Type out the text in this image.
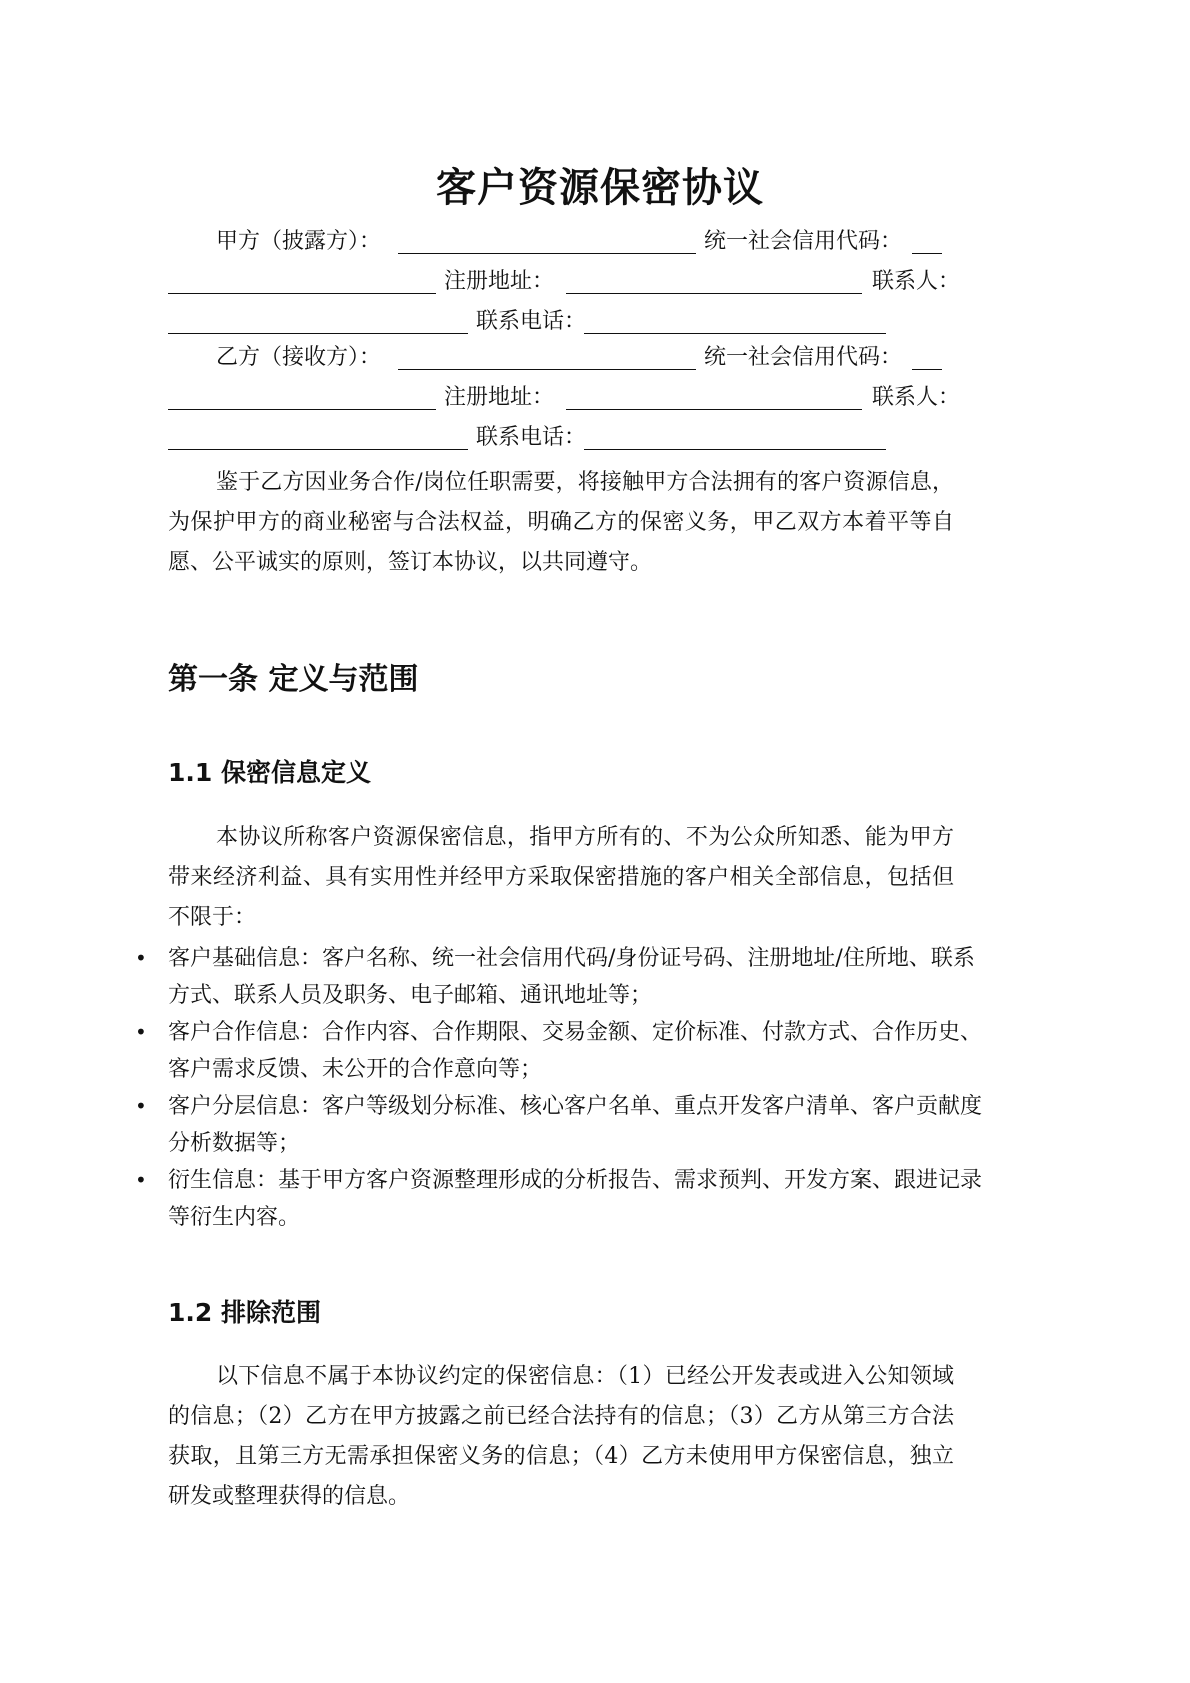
客户资源保密协议
甲方（披露方）：	统一社会信用代码：
注册地址：	联系人：
联系电话：
乙方（接收方）：	统一社会信用代码：
注册地址：	联系人：
联系电话：
鉴于乙方因业务合作/岗位任职需要，将接触甲方合法拥有的客户资源信息，为保护甲方的商业秘密与合法权益，明确乙方的保密义务，甲乙双方本着平等自愿、公平诚实的原则，签订本协议，以共同遵守。
第一条 定义与范围
1.1 保密信息定义
本协议所称客户资源保密信息，指甲方所有的、不为公众所知悉、能为甲方带来经济利益、具有实用性并经甲方采取保密措施的客户相关全部信息，包括但不限于：
• 客户基础信息：客户名称、统一社会信用代码/身份证号码、注册地址/住所地、联系方式、联系人员及职务、电子邮箱、通讯地址等；
• 客户合作信息：合作内容、合作期限、交易金额、定价标准、付款方式、合作历史、客户需求反馈、未公开的合作意向等；
• 客户分层信息：客户等级划分标准、核心客户名单、重点开发客户清单、客户贡献度分析数据等；
• 衍生信息：基于甲方客户资源整理形成的分析报告、需求预判、开发方案、跟进记录等衍生内容。
1.2 排除范围
以下信息不属于本协议约定的保密信息：（1）已经公开发表或进入公知领域的信息；（2）乙方在甲方披露之前已经合法持有的信息；（3）乙方从第三方合法获取，且第三方无需承担保密义务的信息；（4）乙方未使用甲方保密信息，独立研发或整理获得的信息。
